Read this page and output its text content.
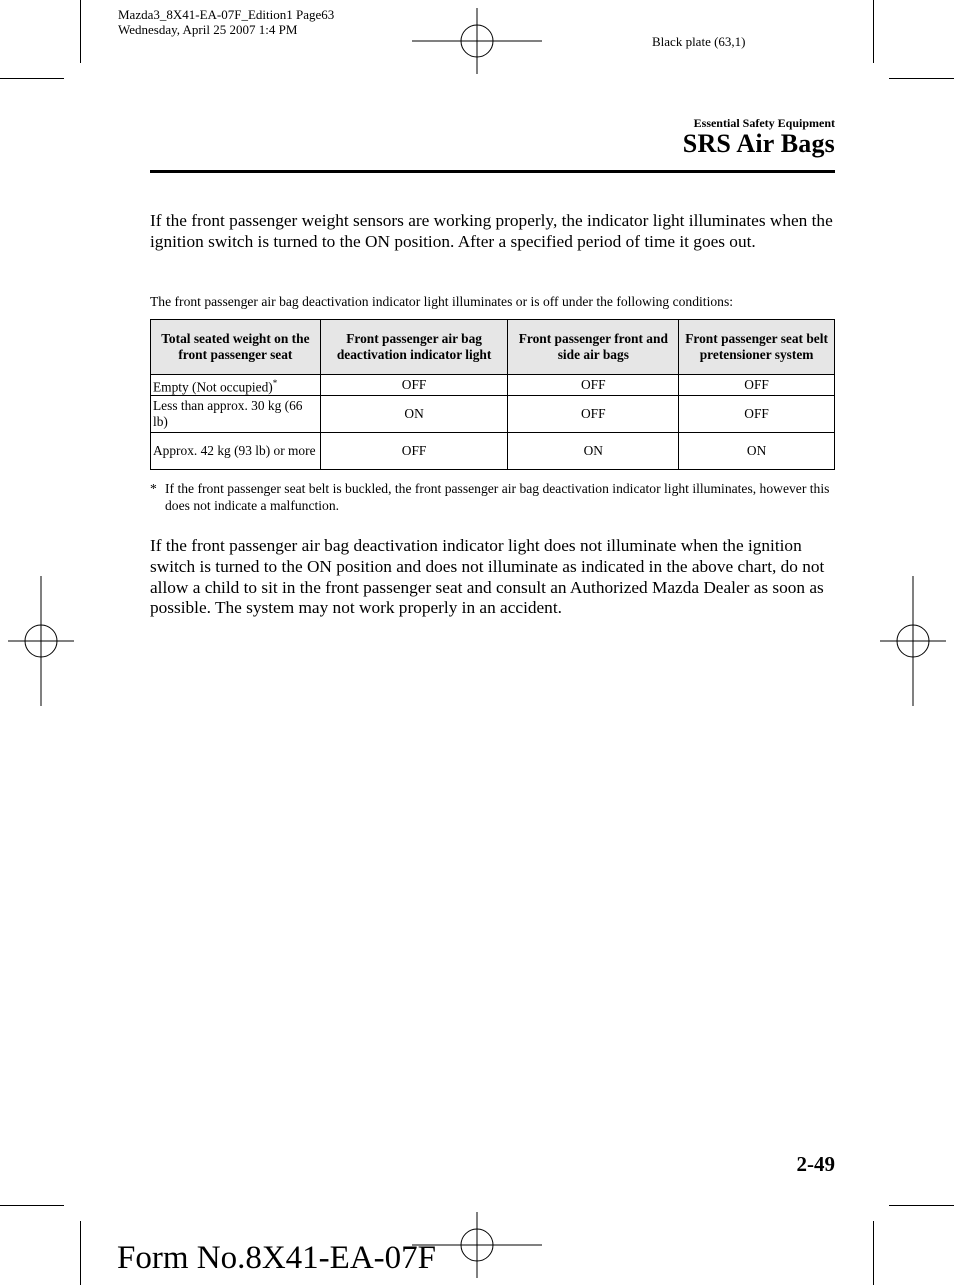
Mazda3_8X41-EA-07F_Edition1 Page63
Wednesday, April 25 2007 1:4 PM
Black plate (63,1)
Essential Safety Equipment
SRS Air Bags
If the front passenger weight sensors are working properly, the indicator light illuminates when the ignition switch is turned to the ON position. After a specified period of time it goes out.
The front passenger air bag deactivation indicator light illuminates or is off under the following conditions:
Total seated weight on the front passenger seat	Front passenger air bag deactivation indicator light	Front passenger front and side air bags	Front passenger seat belt pretensioner system
Empty (Not occupied)*	OFF	OFF	OFF
Less than approx. 30 kg (66 lb)	ON	OFF	OFF
Approx. 42 kg (93 lb) or more	OFF	ON	ON
* If the front passenger seat belt is buckled, the front passenger air bag deactivation indicator light illuminates, however this does not indicate a malfunction.
If the front passenger air bag deactivation indicator light does not illuminate when the ignition switch is turned to the ON position and does not illuminate as indicated in the above chart, do not allow a child to sit in the front passenger seat and consult an Authorized Mazda Dealer as soon as possible. The system may not work properly in an accident.
2-49
Form No.8X41-EA-07F
